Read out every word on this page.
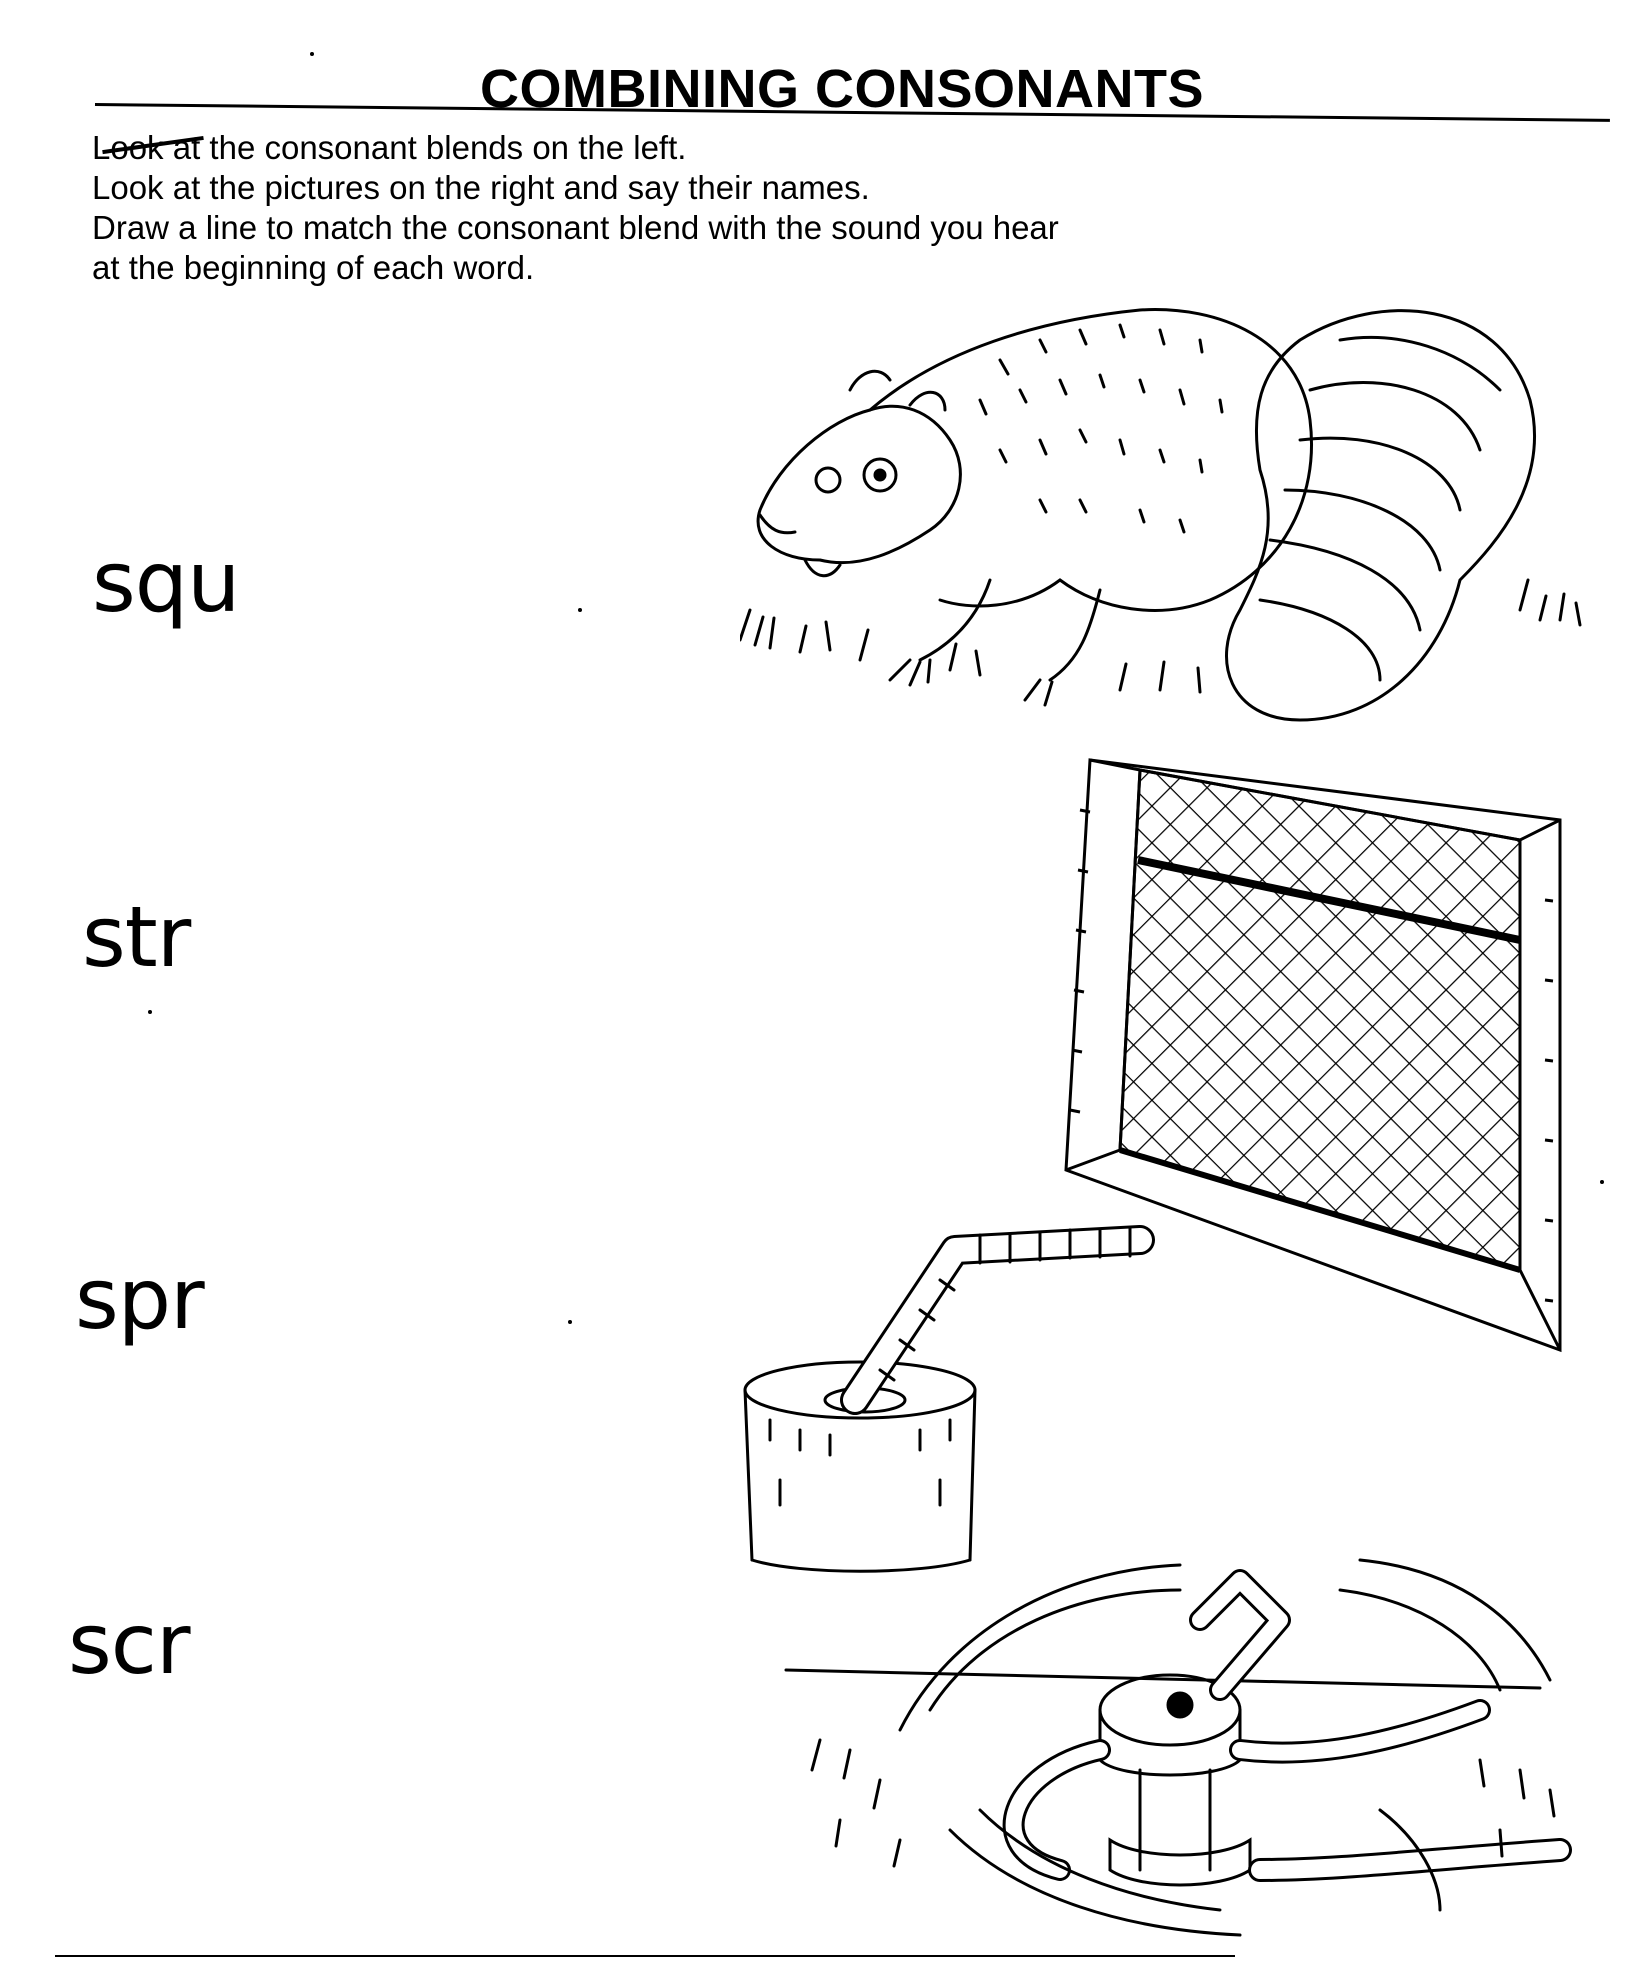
COMBINING CONSONANTS
Look at the consonant blends on the left.
Look at the pictures on the right and say their names.
Draw a line to match the consonant blend with the sound you hear
at the beginning of each word.
squ
str
spr
scr
